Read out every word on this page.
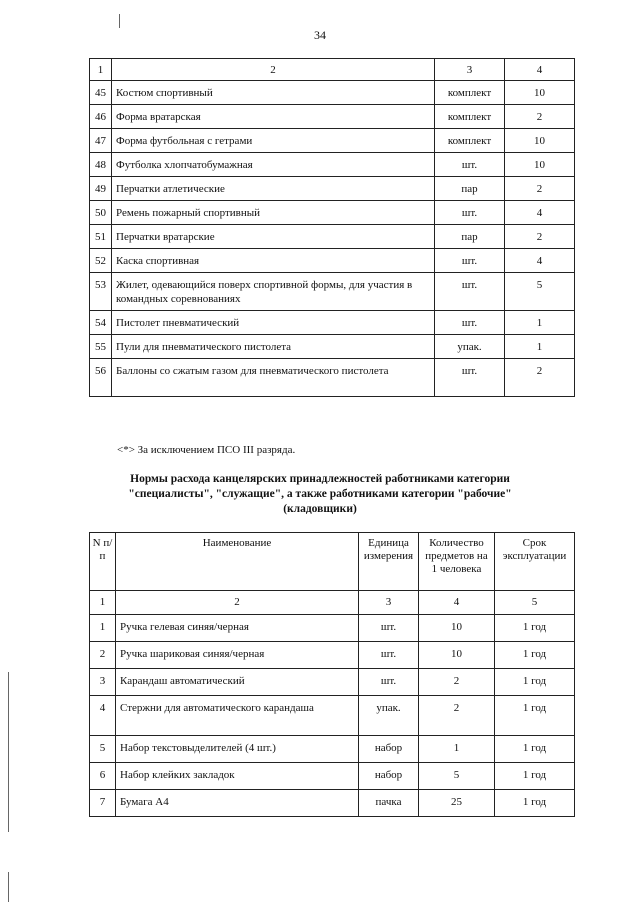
34
1	2	3	4
45	Костюм спортивный	комплект	10
46	Форма вратарская	комплект	2
47	Форма футбольная с гетрами	комплект	10
48	Футболка хлопчатобумажная	шт.	10
49	Перчатки атлетические	пар	2
50	Ремень пожарный спортивный	шт.	4
51	Перчатки вратарские	пар	2
52	Каска спортивная	шт.	4
53	Жилет, одевающийся поверх спортивной формы, для участия в командных соревнованиях	шт.	5
54	Пистолет пневматический	шт.	1
55	Пули для пневматического пистолета	упак.	1
56	Баллоны со сжатым газом для пневматического пистолета	шт.	2
<*> За исключением ПСО III разряда.
Нормы расхода канцелярских принадлежностей работниками категории "специалисты", "служащие", а также работниками категории "рабочие" (кладовщики)
N п/п	Наименование	Единица измерения	Количество предметов на 1 человека	Срок эксплуатации
1	2	3	4	5
1	Ручка гелевая синяя/черная	шт.	10	1 год
2	Ручка шариковая синяя/черная	шт.	10	1 год
3	Карандаш автоматический	шт.	2	1 год
4	Стержни для автоматического карандаша	упак.	2	1 год
5	Набор текстовыделителей (4 шт.)	набор	1	1 год
6	Набор клейких закладок	набор	5	1 год
7	Бумага А4	пачка	25	1 год
